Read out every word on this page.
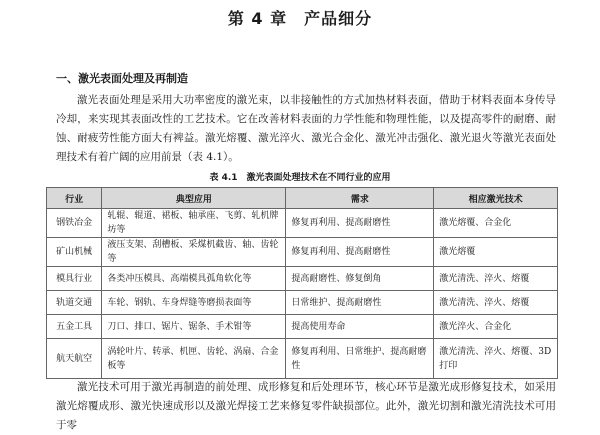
第 4 章　产品细分
一、激光表面处理及再制造

激光表面处理是采用大功率密度的激光束，以非接触性的方式加热材料表面，借助于材料表面本身传导冷却，来实现其表面改性的工艺技术。它在改善材料表面的力学性能和物理性能，以及提高零件的耐磨、耐蚀、耐疲劳性能方面大有裨益。激光熔覆、激光淬火、激光合金化、激光冲击强化、激光退火等激光表面处理技术有着广阔的应用前景（表 4.1）。

表 4.1　激光表面处理技术在不同行业的应用
行业	典型应用	需求	相应激光技术
钢铁冶金	轧辊、辊道、裙板、轴承座、飞剪、轧机牌坊等	修复再利用、提高耐磨性	激光熔覆、合金化
矿山机械	液压支架、刮槽板、采煤机截齿、轴、齿轮等	修复再利用、提高耐磨性	激光熔覆
模具行业	各类冲压模具、高端模具孤角软化等	提高耐磨性、修复倒角	激光清洗、淬火、熔覆
轨道交通	车轮、钢轨、车身焊缝等磨损表面等	日常维护、提高耐磨性	激光清洗、淬火、熔覆
五金工具	刀口、排口、锯片、锯条、手术钳等	提高使用寿命	激光淬火、合金化
航天航空	涡轮叶片、转承、机匣、齿轮、涡扇、合金板等	修复再利用、日常维护、提高耐磨性	激光清洗、淬火、熔覆、3D打印

激光技术可用于激光再制造的前处理、成形修复和后处理环节，核心环节是激光成形修复技术，如采用激光熔覆成形、激光快速成形以及激光焊接工艺来修复零件缺损部位。此外，激光切割和激光清洗技术可用于零
